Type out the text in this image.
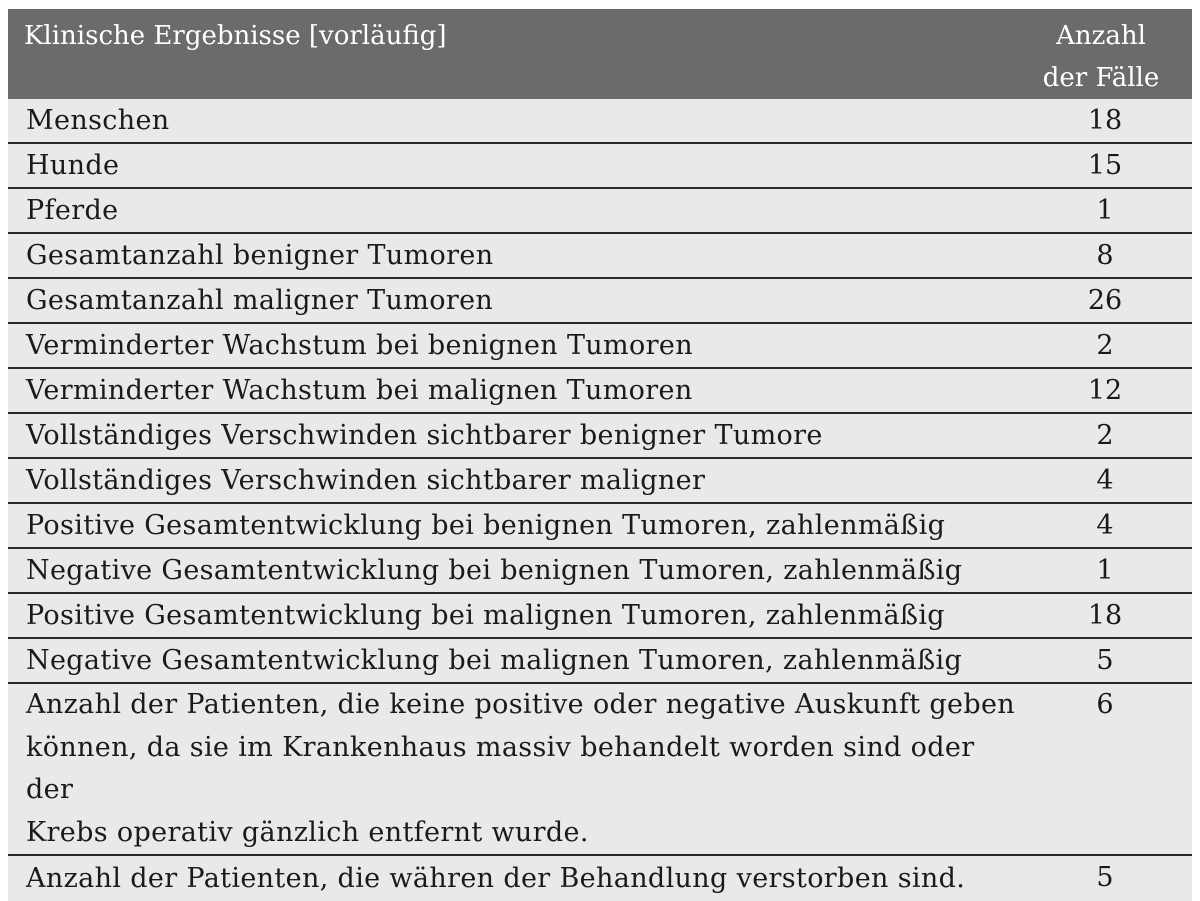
Klinische Ergebnisse [vorläufig]	Anzahl
der Fälle

Menschen	18
Hunde	15
Pferde	1
Gesamtanzahl benigner Tumoren	8
Gesamtanzahl maligner Tumoren	26
Verminderter Wachstum bei benignen Tumoren	2
Verminderter Wachstum bei malignen Tumoren	12
Vollständiges Verschwinden sichtbarer benigner Tumore	2
Vollständiges Verschwinden sichtbarer maligner	4
Positive Gesamtentwicklung bei benignen Tumoren, zahlenmäßig	4
Negative Gesamtentwicklung bei benignen Tumoren, zahlenmäßig	1
Positive Gesamtentwicklung bei malignen Tumoren, zahlenmäßig	18
Negative Gesamtentwicklung bei malignen Tumoren, zahlenmäßig	5

Anzahl der Patienten, die keine positive oder negative Auskunft geben
können, da sie im Krankenhaus massiv behandelt worden sind oder der
Krebs operativ gänzlich entfernt wurde.	6
Anzahl der Patienten, die währen der Behandlung verstorben sind.	5
